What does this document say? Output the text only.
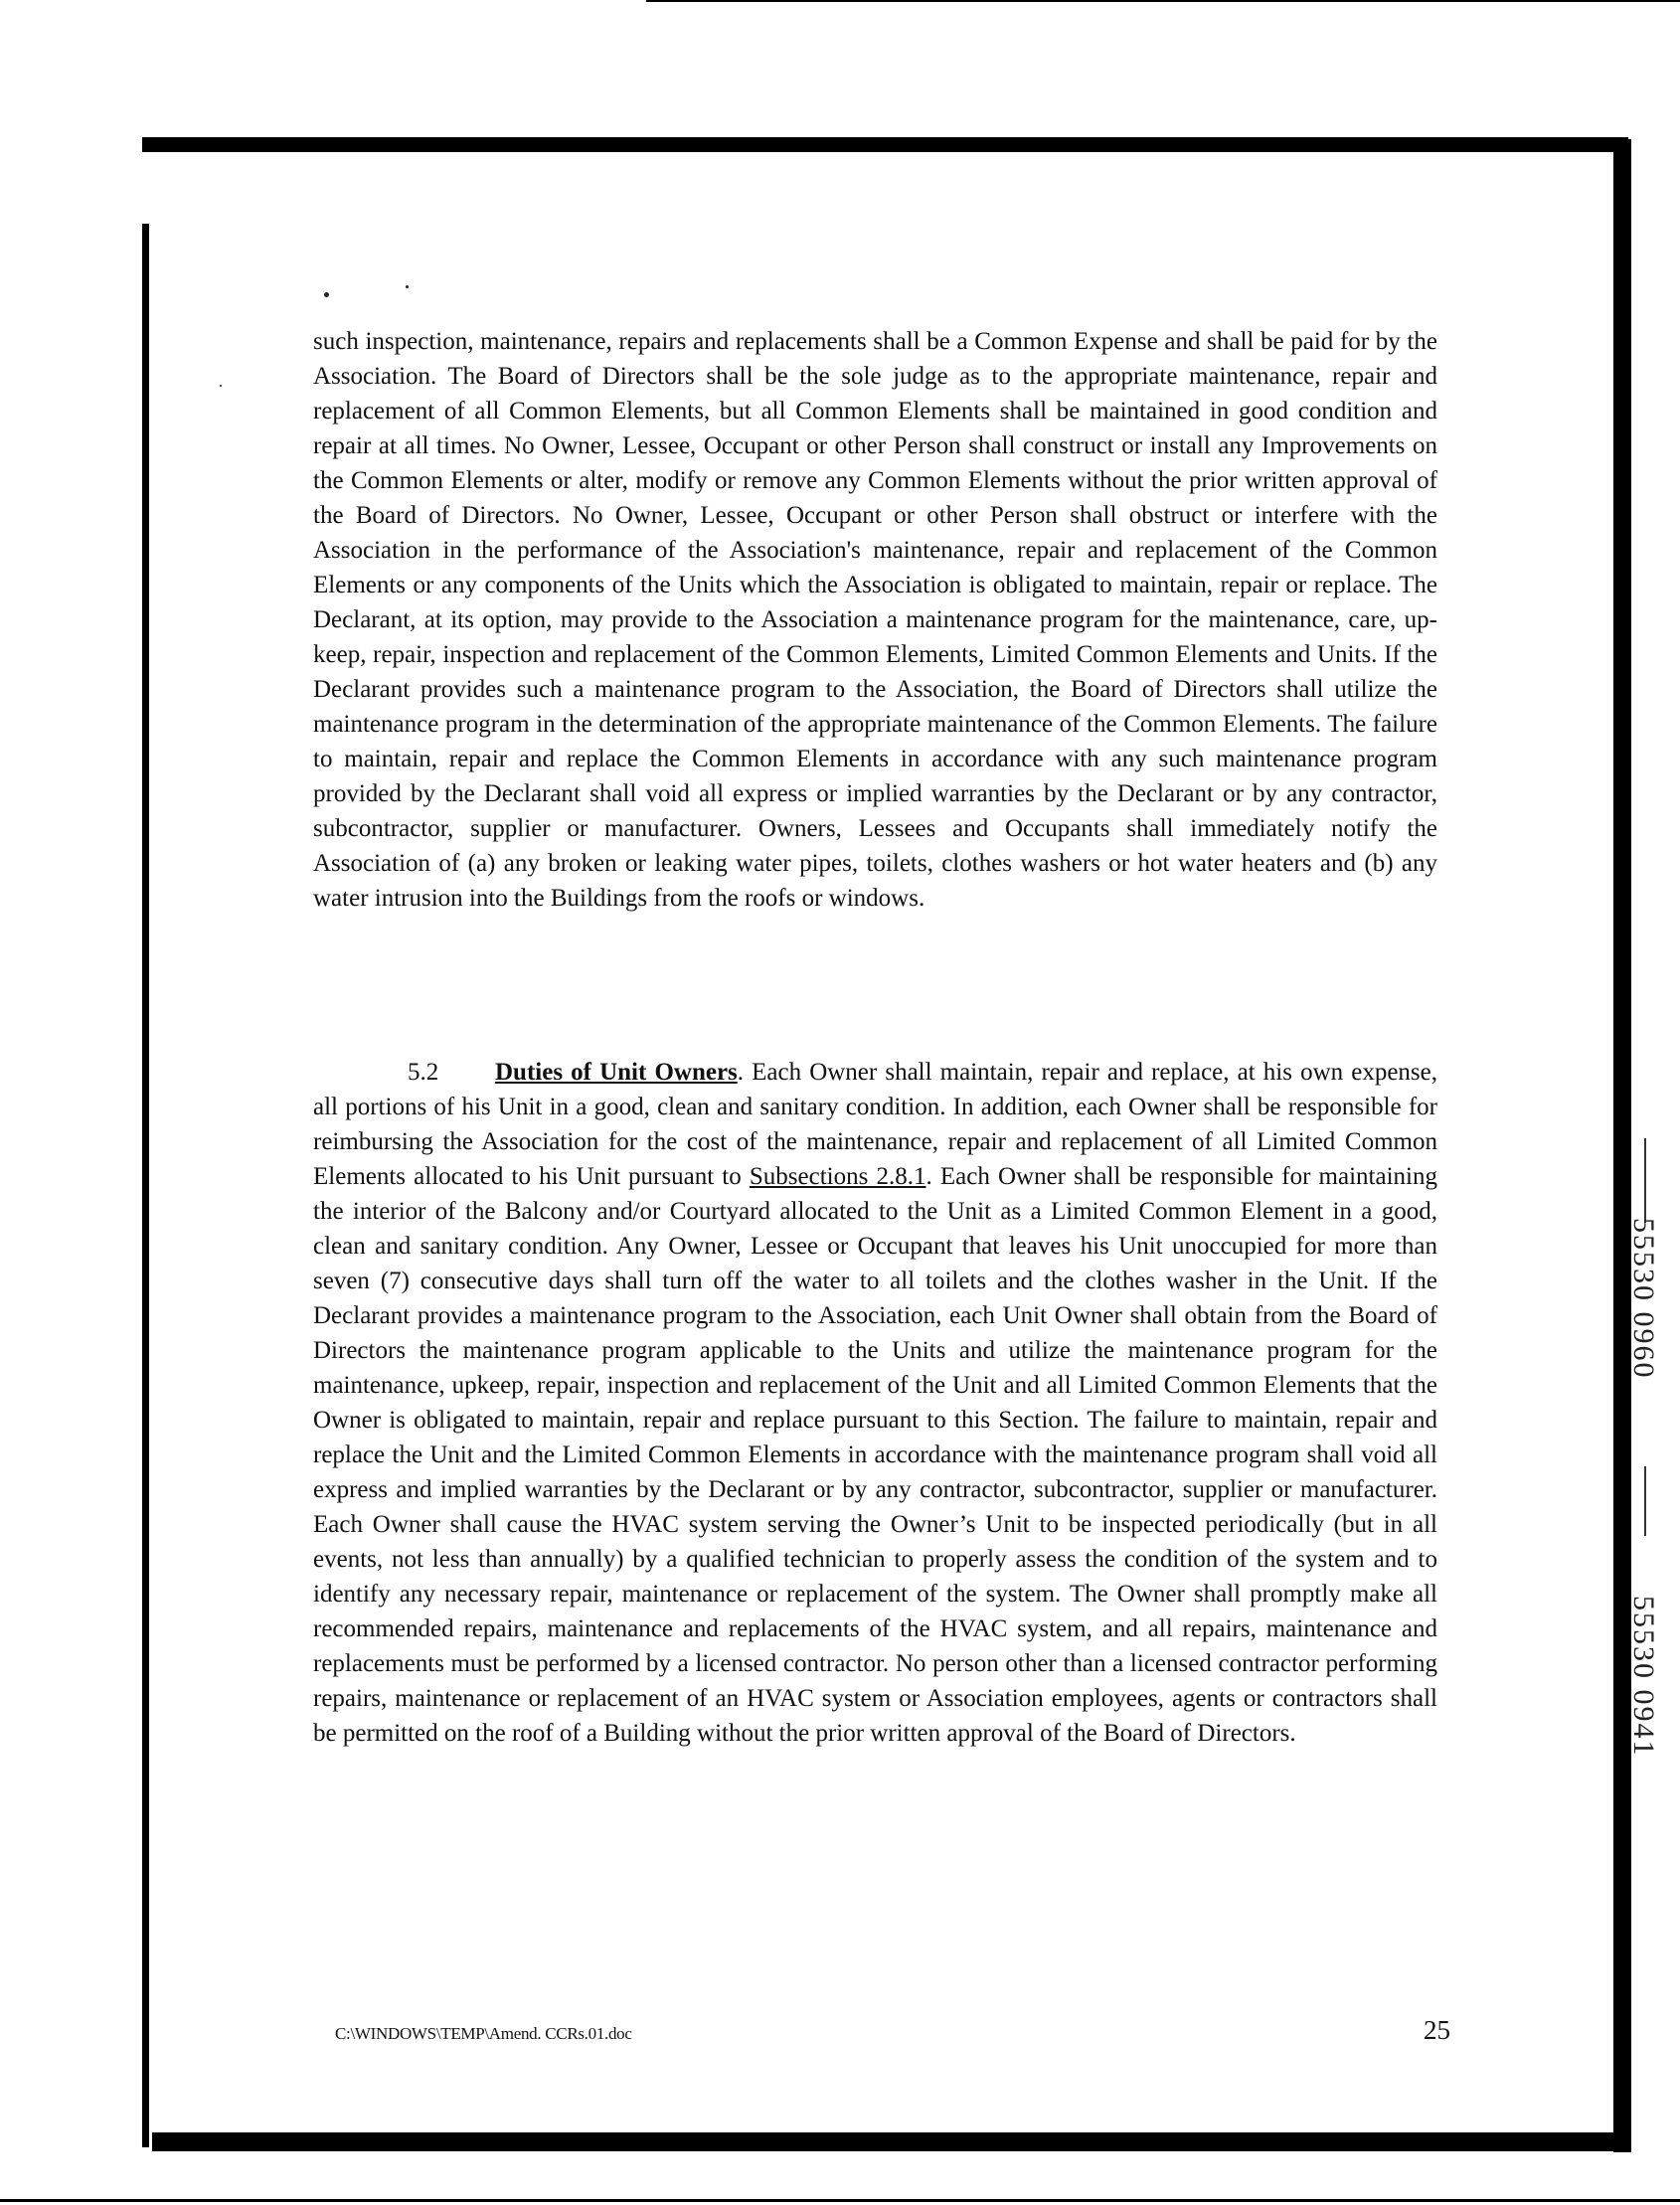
such inspection, maintenance, repairs and replacements shall be a Common Expense and shall be paid for by the Association. The Board of Directors shall be the sole judge as to the appropriate maintenance, repair and replacement of all Common Elements, but all Common Elements shall be maintained in good condition and repair at all times. No Owner, Lessee, Occupant or other Person shall construct or install any Improvements on the Common Elements or alter, modify or remove any Common Elements without the prior written approval of the Board of Directors. No Owner, Lessee, Occupant or other Person shall obstruct or interfere with the Association in the performance of the Association's maintenance, repair and replacement of the Common Elements or any components of the Units which the Association is obligated to maintain, repair or replace. The Declarant, at its option, may provide to the Association a maintenance program for the maintenance, care, up-keep, repair, inspection and replacement of the Common Elements, Limited Common Elements and Units. If the Declarant provides such a maintenance program to the Association, the Board of Directors shall utilize the maintenance program in the determination of the appropriate maintenance of the Common Elements. The failure to maintain, repair and replace the Common Elements in accordance with any such maintenance program provided by the Declarant shall void all express or implied warranties by the Declarant or by any contractor, subcontractor, supplier or manufacturer. Owners, Lessees and Occupants shall immediately notify the Association of (a) any broken or leaking water pipes, toilets, clothes washers or hot water heaters and (b) any water intrusion into the Buildings from the roofs or windows.

5.2 Duties of Unit Owners. Each Owner shall maintain, repair and replace, at his own expense, all portions of his Unit in a good, clean and sanitary condition. In addition, each Owner shall be responsible for reimbursing the Association for the cost of the maintenance, repair and replacement of all Limited Common Elements allocated to his Unit pursuant to Subsections 2.8.1. Each Owner shall be responsible for maintaining the interior of the Balcony and/or Courtyard allocated to the Unit as a Limited Common Element in a good, clean and sanitary condition. Any Owner, Lessee or Occupant that leaves his Unit unoccupied for more than seven (7) consecutive days shall turn off the water to all toilets and the clothes washer in the Unit. If the Declarant provides a maintenance program to the Association, each Unit Owner shall obtain from the Board of Directors the maintenance program applicable to the Units and utilize the maintenance program for the maintenance, upkeep, repair, inspection and replacement of the Unit and all Limited Common Elements that the Owner is obligated to maintain, repair and replace pursuant to this Section. The failure to maintain, repair and replace the Unit and the Limited Common Elements in accordance with the maintenance program shall void all express and implied warranties by the Declarant or by any contractor, subcontractor, supplier or manufacturer. Each Owner shall cause the HVAC system serving the Owner’s Unit to be inspected periodically (but in all events, not less than annually) by a qualified technician to properly assess the condition of the system and to identify any necessary repair, maintenance or replacement of the system. The Owner shall promptly make all recommended repairs, maintenance and replacements of the HVAC system, and all repairs, maintenance and replacements must be performed by a licensed contractor. No person other than a licensed contractor performing repairs, maintenance or replacement of an HVAC system or Association employees, agents or contractors shall be permitted on the roof of a Building without the prior written approval of the Board of Directors.

C:\WINDOWS\TEMP\Amend. CCRs.01.doc	25
55530 0960
55530 0941
